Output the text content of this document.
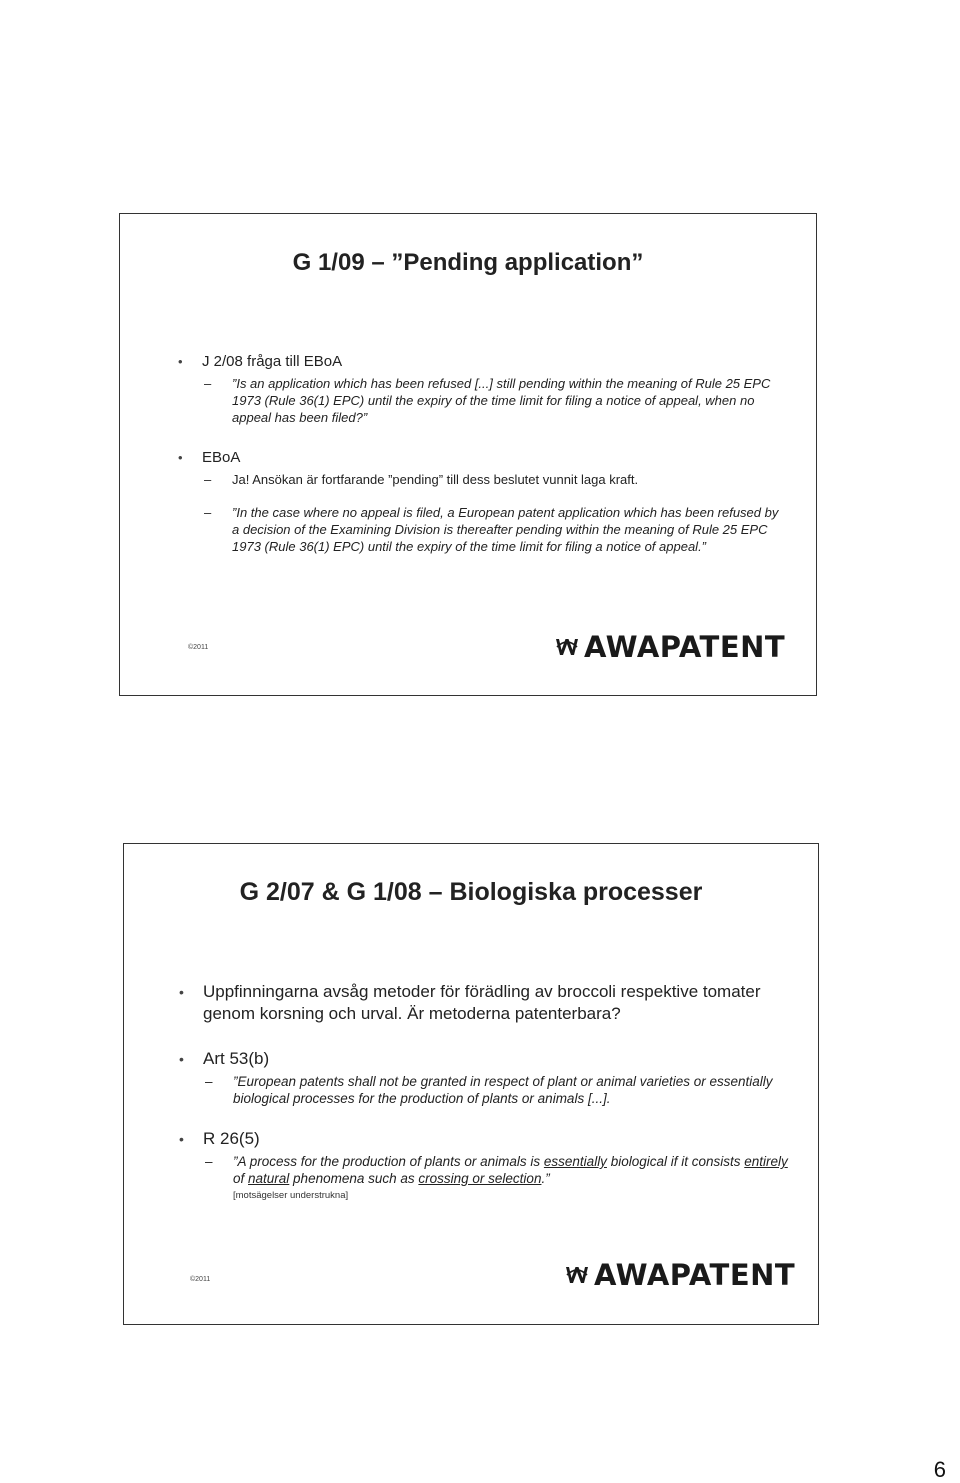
G 1/09 – ”Pending application”
• J 2/08 fråga till EBoA
– ”Is an application which has been refused [...] still pending within the meaning of Rule 25 EPC 1973 (Rule 36(1) EPC) until the expiry of the time limit for filing a notice of appeal, when no appeal has been filed?”
• EBoA
– Ja! Ansökan är fortfarande ”pending” till dess beslutet vunnit laga kraft.
– ”In the case where no appeal is filed, a European patent application which has been refused by a decision of the Examining Division is thereafter pending within the meaning of Rule 25 EPC 1973 (Rule 36(1) EPC) until the expiry of the time limit for filing a notice of appeal.”
©2011	AWAPATENT
G 2/07 & G 1/08 – Biologiska processer
• Uppfinningarna avsåg metoder för förädling av broccoli respektive tomater genom korsning och urval. Är metoderna patenterbara?
• Art 53(b)
– ”European patents shall not be granted in respect of plant or animal varieties or essentially biological processes for the production of plants or animals [...].
• R 26(5)
– ”A process for the production of plants or animals is essentially biological if it consists entirely of natural phenomena such as crossing or selection.”
[motsägelser understrukna]
©2011	AWAPATENT
6
